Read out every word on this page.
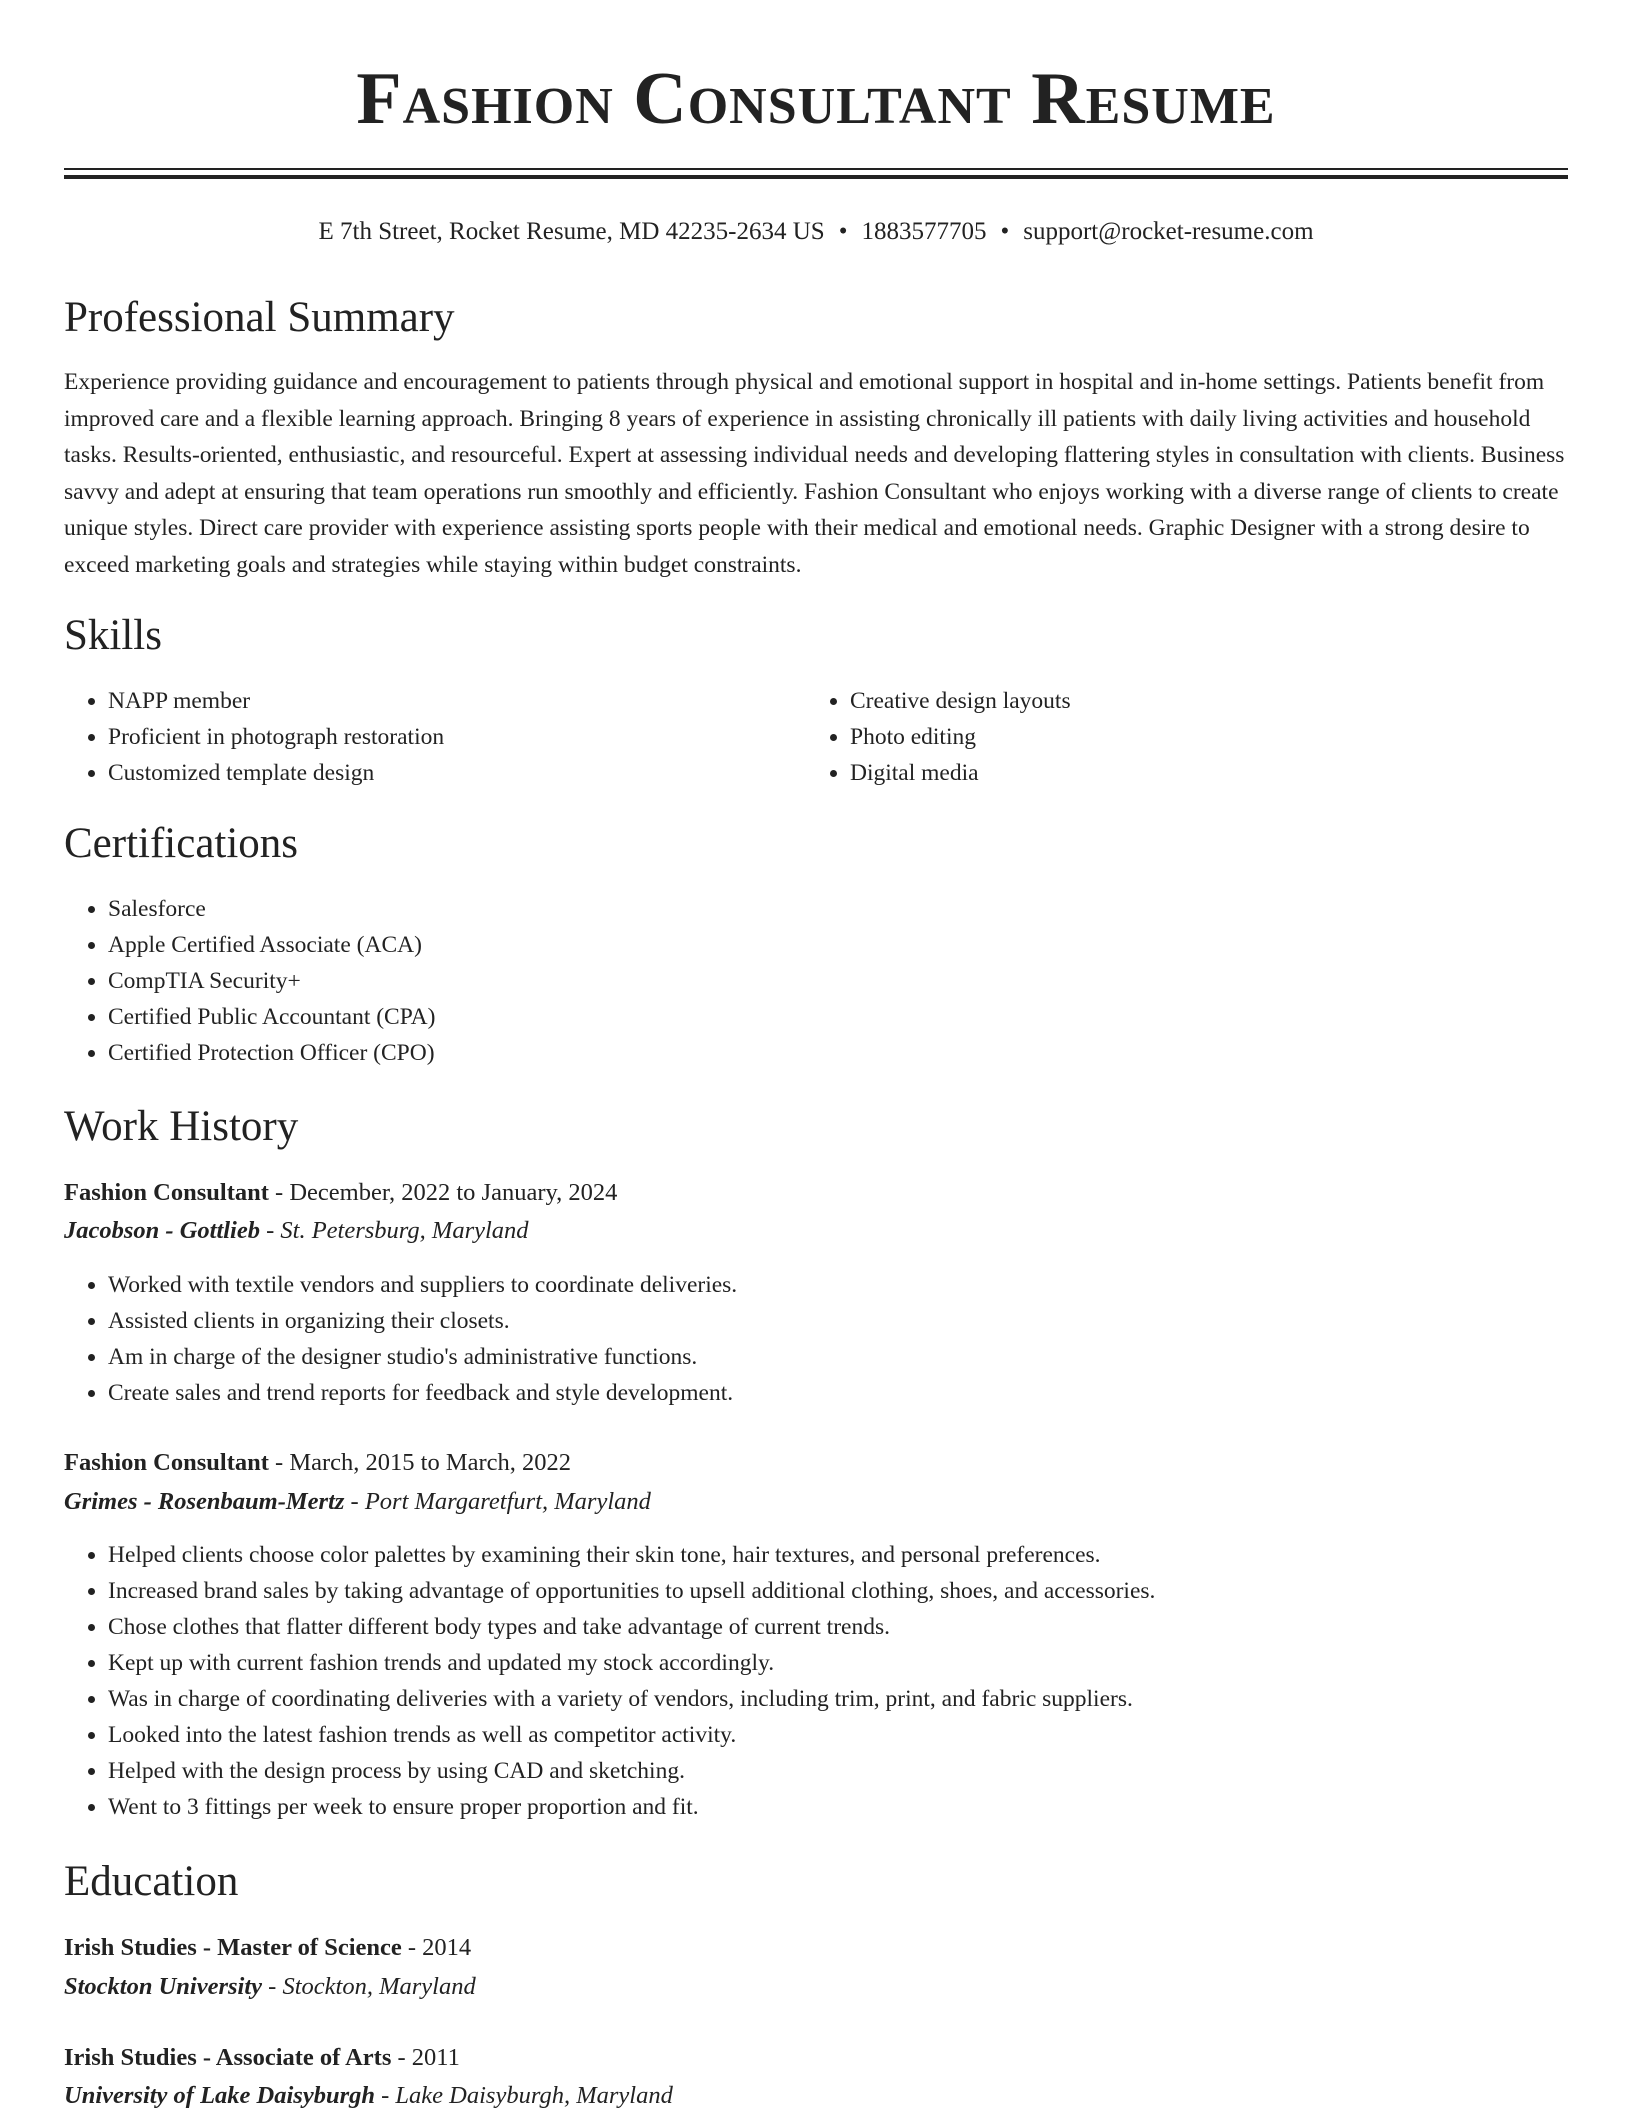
Fashion Consultant Resume
E 7th Street, Rocket Resume, MD 42235-2634 US • 1883577705 • support@rocket-resume.com
Professional Summary

Experience providing guidance and encouragement to patients through physical and emotional support in hospital and in-home settings. Patients benefit from improved care and a flexible learning approach. Bringing 8 years of experience in assisting chronically ill patients with daily living activities and household tasks. Results-oriented, enthusiastic, and resourceful. Expert at assessing individual needs and developing flattering styles in consultation with clients. Business savvy and adept at ensuring that team operations run smoothly and efficiently. Fashion Consultant who enjoys working with a diverse range of clients to create unique styles. Direct care provider with experience assisting sports people with their medical and emotional needs. Graphic Designer with a strong desire to exceed marketing goals and strategies while staying within budget constraints.

Skills
• NAPP member
• Proficient in photograph restoration
• Customized template design
• Creative design layouts
• Photo editing
• Digital media
Certifications
• Salesforce
• Apple Certified Associate (ACA)
• CompTIA Security+
• Certified Public Accountant (CPA)
• Certified Protection Officer (CPO)
Work History
Fashion Consultant - December, 2022 to January, 2024
Jacobson - Gottlieb - St. Petersburg, Maryland
• Worked with textile vendors and suppliers to coordinate deliveries.
• Assisted clients in organizing their closets.
• Am in charge of the designer studio's administrative functions.
• Create sales and trend reports for feedback and style development.
Fashion Consultant - March, 2015 to March, 2022
Grimes - Rosenbaum-Mertz - Port Margaretfurt, Maryland
• Helped clients choose color palettes by examining their skin tone, hair textures, and personal preferences.
• Increased brand sales by taking advantage of opportunities to upsell additional clothing, shoes, and accessories.
• Chose clothes that flatter different body types and take advantage of current trends.
• Kept up with current fashion trends and updated my stock accordingly.
• Was in charge of coordinating deliveries with a variety of vendors, including trim, print, and fabric suppliers.
• Looked into the latest fashion trends as well as competitor activity.
• Helped with the design process by using CAD and sketching.
• Went to 3 fittings per week to ensure proper proportion and fit.
Education
Irish Studies - Master of Science - 2014
Stockton University - Stockton, Maryland
Irish Studies - Associate of Arts - 2011
University of Lake Daisyburgh - Lake Daisyburgh, Maryland
